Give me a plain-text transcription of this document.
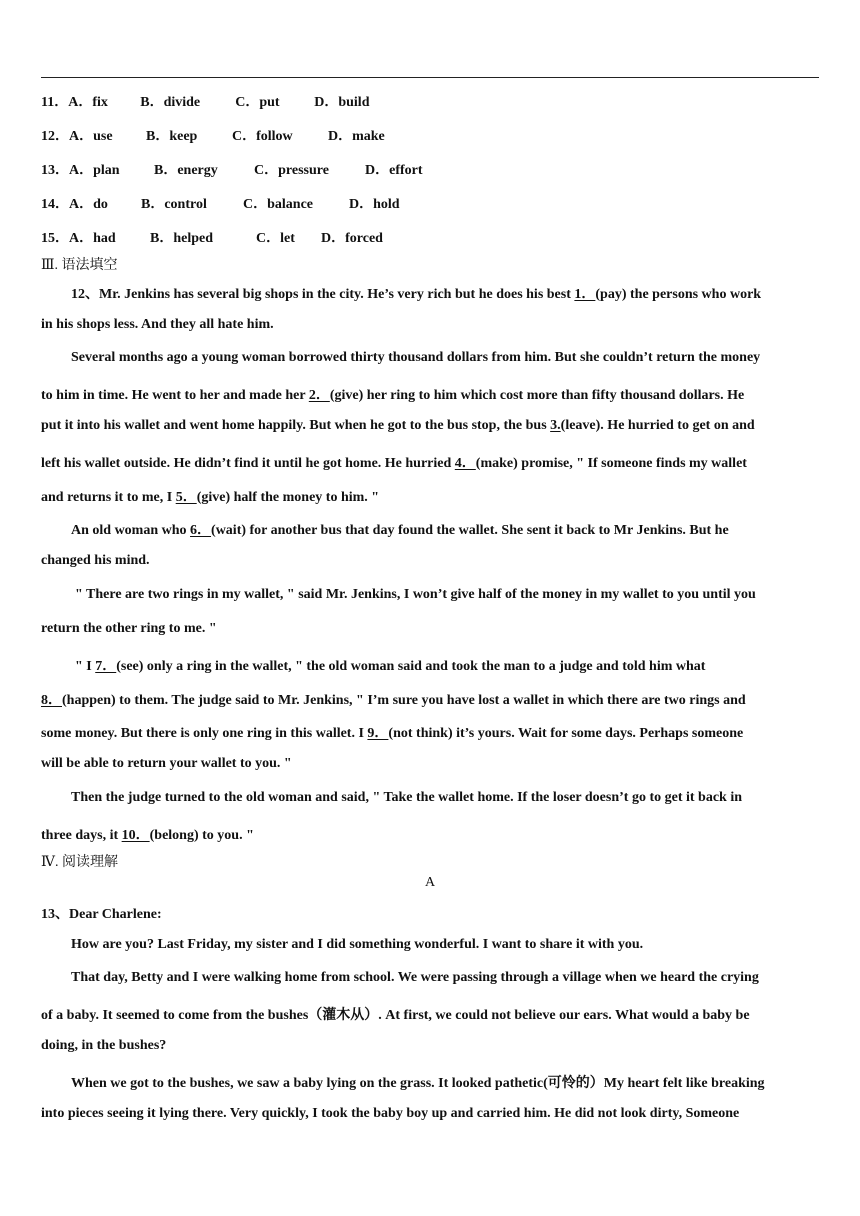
11．A．fix B．divide	C．put D．build
12．A．use B．keep C．follow	D．make
13．A．plan B．energy	C．pressure	D．effort
14．A．do B．control	C．balance	D．hold
15．A．had B．helped	C．let D．forced
Ⅲ. 语法填空
12、Mr. Jenkins has several big shops in the city. He’s very rich but he does his best 1．(pay) the persons who work
in his shops less. And they all hate him.
Several months ago a young woman borrowed thirty thousand dollars from him. But she couldn’t return the money
to him in time. He went to her and made her 2．(give) her ring to him which cost more than fifty thousand dollars. He
put it into his wallet and went home happily. But when he got to the bus stop, the bus 3.(leave). He hurried to get on and
left his wallet outside. He didn’t find it until he got home. He hurried 4．(make) promise, " If someone finds my wallet
and returns it to me, I 5．(give) half the money to him. "
An old woman who 6．(wait) for another bus that day found the wallet. She sent it back to Mr Jenkins. But he
changed his mind.
" There are two rings in my wallet, " said Mr. Jenkins, I won’t give half of the money in my wallet to you until you
return the other ring to me. "
" I 7．(see) only a ring in the wallet, " the old woman said and took the man to a judge and told him what
8．(happen) to them. The judge said to Mr. Jenkins, " I’m sure you have lost a wallet in which there are two rings and
some money. But there is only one ring in this wallet. I 9．(not think) it’s yours. Wait for some days. Perhaps someone
will be able to return your wallet to you. "
Then the judge turned to the old woman and said, " Take the wallet home. If the loser doesn’t go to get it back in
three days, it 10．(belong) to you. "
Ⅳ. 阅读理解
A
13、Dear Charlene:
How are you? Last Friday, my sister and I did something wonderful. I want to share it with you.
That day, Betty and I were walking home from school. We were passing through a village when we heard the crying
of a baby. It seemed to come from the bushes（灌木从）. At first, we could not believe our ears. What would a baby be
doing, in the bushes?
When we got to the bushes, we saw a baby lying on the grass. It looked pathetic(可怜的）My heart felt like breaking
into pieces seeing it lying there. Very quickly, I took the baby boy up and carried him. He did not look dirty, Someone
